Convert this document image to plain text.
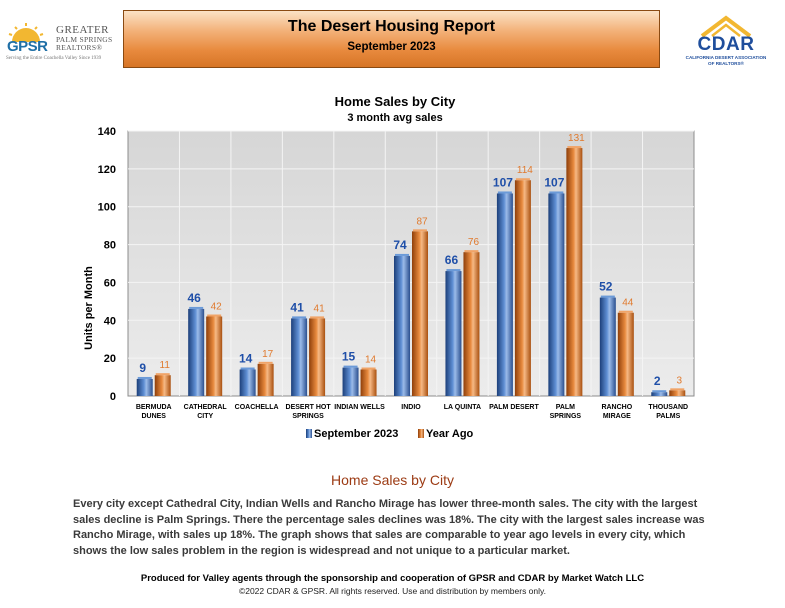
GPSR
GREATER
PALM SPRINGS
REALTORS®
Serving the Entire Coachella Valley Since 1939
The Desert Housing Report
September 2023	CDAR
CALIFORNIA DESERT ASSOCIATION
OF REALTORS®
Home Sales by City
3 month avg sales
Units per Month
0
20
40
60
80
100
120
140
9 11
BERMUDA
DUNES
46
42
CATHEDRAL
CITY
14 17
COACHELLA
41 41
DESERT HOT
SPRINGS
15 14
INDIAN WELLS
74
87
INDIO
66
76
LA QUINTA
107
114
PALM DESERT
107
131
PALM
SPRINGS
52
44
RANCHO
MIRAGE
2 3
THOUSAND
PALMS
September 2023	Year Ago
Home Sales by City
Every city except Cathedral City, Indian Wells and Rancho Mirage has lower three-month sales. The city with the largest sales decline is Palm Springs. There the percentage sales declines was 18%. The city with the largest sales increase was Rancho Mirage, with sales up 18%. The graph shows that sales are comparable to year ago levels in every city, which shows the low sales problem in the region is widespread and not unique to a particular market.
Produced for Valley agents through the sponsorship and cooperation of GPSR and CDAR by Market Watch LLC
©2022 CDAR & GPSR. All rights reserved. Use and distribution by members only.
